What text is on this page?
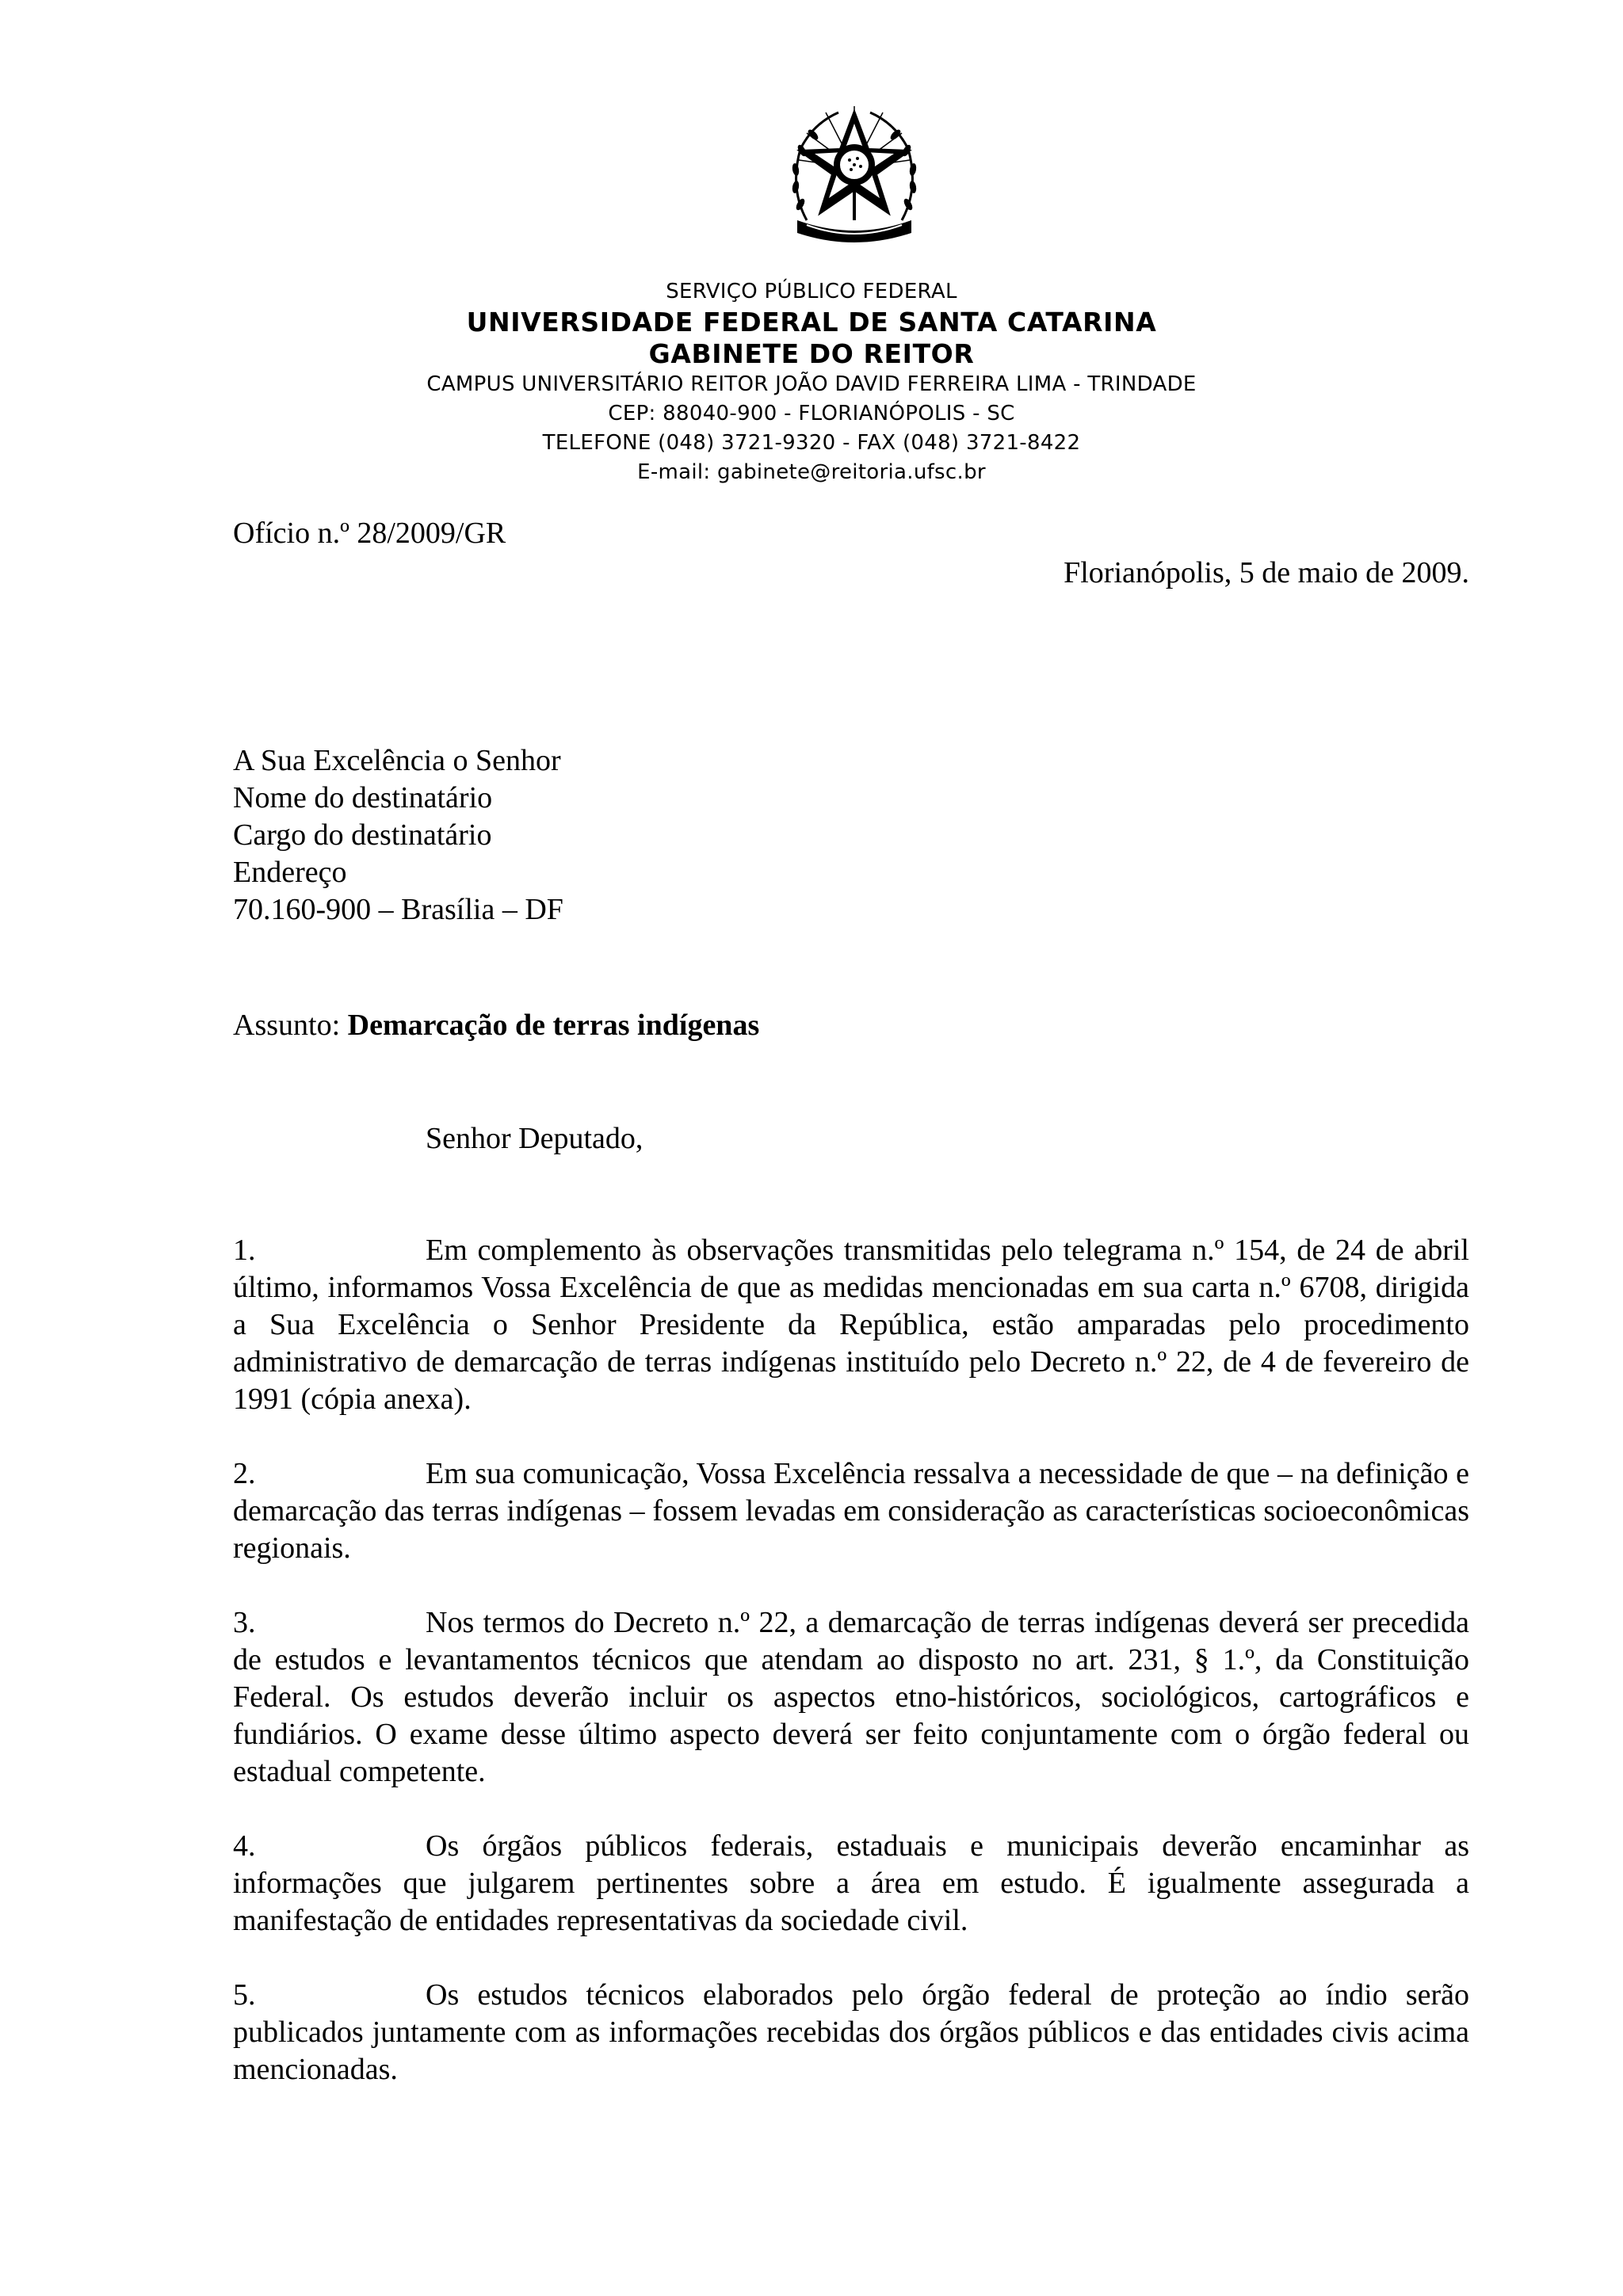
SERVIÇO PÚBLICO FEDERAL
UNIVERSIDADE FEDERAL DE SANTA CATARINA
GABINETE DO REITOR
CAMPUS UNIVERSITÁRIO REITOR JOÃO DAVID FERREIRA LIMA - TRINDADE
CEP: 88040-900 - FLORIANÓPOLIS - SC
TELEFONE (048) 3721-9320 - FAX (048) 3721-8422
E-mail: gabinete@reitoria.ufsc.br
Ofício n.º 28/2009/GR
Florianópolis, 5 de maio de 2009.
A Sua Excelência o Senhor
Nome do destinatário
Cargo do destinatário
Endereço
70.160-900 – Brasília – DF
Assunto: Demarcação de terras indígenas
Senhor Deputado,

1.	Em complemento às observações transmitidas pelo telegrama n.º 154, de 24 de abril último, informamos Vossa Excelência de que as medidas mencionadas em sua carta n.º 6708, dirigida a Sua Excelência o Senhor Presidente da República, estão amparadas pelo procedimento administrativo de demarcação de terras indígenas instituído pelo Decreto n.º 22, de 4 de fevereiro de 1991 (cópia anexa).

2.	Em sua comunicação, Vossa Excelência ressalva a necessidade de que – na definição e demarcação das terras indígenas – fossem levadas em consideração as características socioeconômicas regionais.

3.	Nos termos do Decreto n.º 22, a demarcação de terras indígenas deverá ser precedida de estudos e levantamentos técnicos que atendam ao disposto no art. 231, § 1.º, da Constituição Federal. Os estudos deverão incluir os aspectos etno-históricos, sociológicos, cartográficos e fundiários. O exame desse último aspecto deverá ser feito conjuntamente com o órgão federal ou estadual competente.

4.	Os órgãos públicos federais, estaduais e municipais deverão encaminhar as informações que julgarem pertinentes sobre a área em estudo. É igualmente assegurada a manifestação de entidades representativas da sociedade civil.

5.	Os estudos técnicos elaborados pelo órgão federal de proteção ao índio serão publicados juntamente com as informações recebidas dos órgãos públicos e das entidades civis acima mencionadas.
